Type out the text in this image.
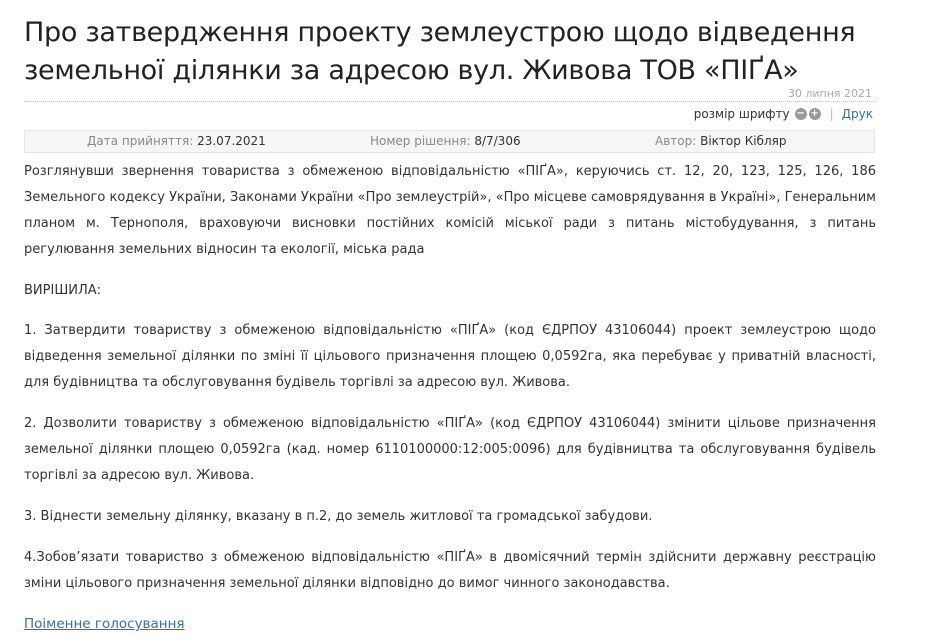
Про затвердження проекту землеустрою щодо відведення земельної ділянки за адресою вул. Живова ТОВ «ПІҐА»
30 липня 2021
розмір шрифту − + | Друк
Дата прийняття: 23.07.2021	Номер рішення: 8/7/306	Автор: Віктор Кібляр

Розглянувши звернення товариства з обмеженою відповідальністю «ПІҐА», керуючись ст. 12, 20, 123, 125, 126, 186 Земельного кодексу України, Законами України «Про землеустрій», «Про місцеве самоврядування в Україні», Генеральним планом м. Тернополя, враховуючи висновки постійних комісій міської ради з питань містобудування, з питань регулювання земельних відносин та екології, міська рада

ВИРІШИЛА:

1. Затвердити товариству з обмеженою відповідальністю «ПІҐА» (код ЄДРПОУ 43106044) проект землеустрою щодо відведення земельної ділянки по зміні її цільового призначення площею 0,0592га, яка перебуває у приватній власності, для будівництва та обслуговування будівель торгівлі за адресою вул. Живова.

2. Дозволити товариству з обмеженою відповідальністю «ПІҐА» (код ЄДРПОУ 43106044) змінити цільове призначення земельної ділянки площею 0,0592га (кад. номер 6110100000:12:005:0096) для будівництва та обслуговування будівель торгівлі за адресою вул. Живова.

3. Віднести земельну ділянку, вказану в п.2, до земель житлової та громадської забудови.

4.Зобов’язати товариство з обмеженою відповідальністю «ПІҐА» в двомісячний термін здійснити державну реєстрацію зміни цільового призначення земельної ділянки відповідно до вимог чинного законодавства.

Поіменне голосування
